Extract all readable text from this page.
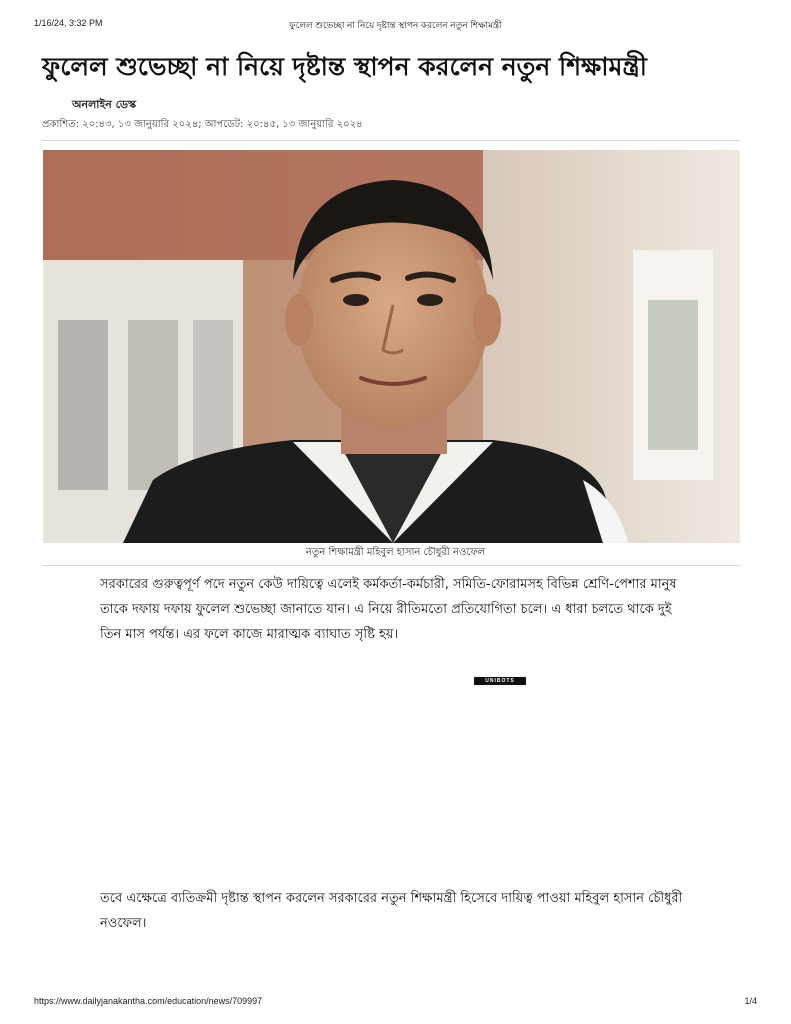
1/16/24, 3:32 PM	ফুলেল শুভেচ্ছা না নিয়ে দৃষ্টান্ত স্থাপন করলেন নতুন শিক্ষামন্ত্রী
ফুলেল শুভেচ্ছা না নিয়ে দৃষ্টান্ত স্থাপন করলেন নতুন শিক্ষামন্ত্রী
অনলাইন ডেস্ক
প্রকাশিত: ২০:৪৩, ১৩ জানুয়ারি ২০২৪; আপডেট: ২০:৪৫, ১৩ জানুয়ারি ২০২৪
নতুন শিক্ষামন্ত্রী মহিবুল হাসান চৌধুরী নওফেল

সরকারের গুরুত্বপূর্ণ পদে নতুন কেউ দায়িত্বে এলেই কর্মকর্তা-কর্মচারী, সমিতি-ফোরামসহ বিভিন্ন শ্রেণি-পেশার মানুষ তাকে দফায় দফায় ফুলেল শুভেচ্ছা জানাতে যান। এ নিয়ে রীতিমতো প্রতিযোগিতা চলে। এ ধারা চলতে থাকে দুই তিন মাস পর্যন্ত। এর ফলে কাজে মারাত্মক ব্যাঘাত সৃষ্টি হয়।

UNIBOTS

তবে এক্ষেত্রে ব্যতিক্রমী দৃষ্টান্ত স্থাপন করলেন সরকারের নতুন শিক্ষামন্ত্রী হিসেবে দায়িত্ব পাওয়া মহিবুল হাসান চৌধুরী নওফেল।

https://www.dailyjanakantha.com/education/news/709997	1/4
